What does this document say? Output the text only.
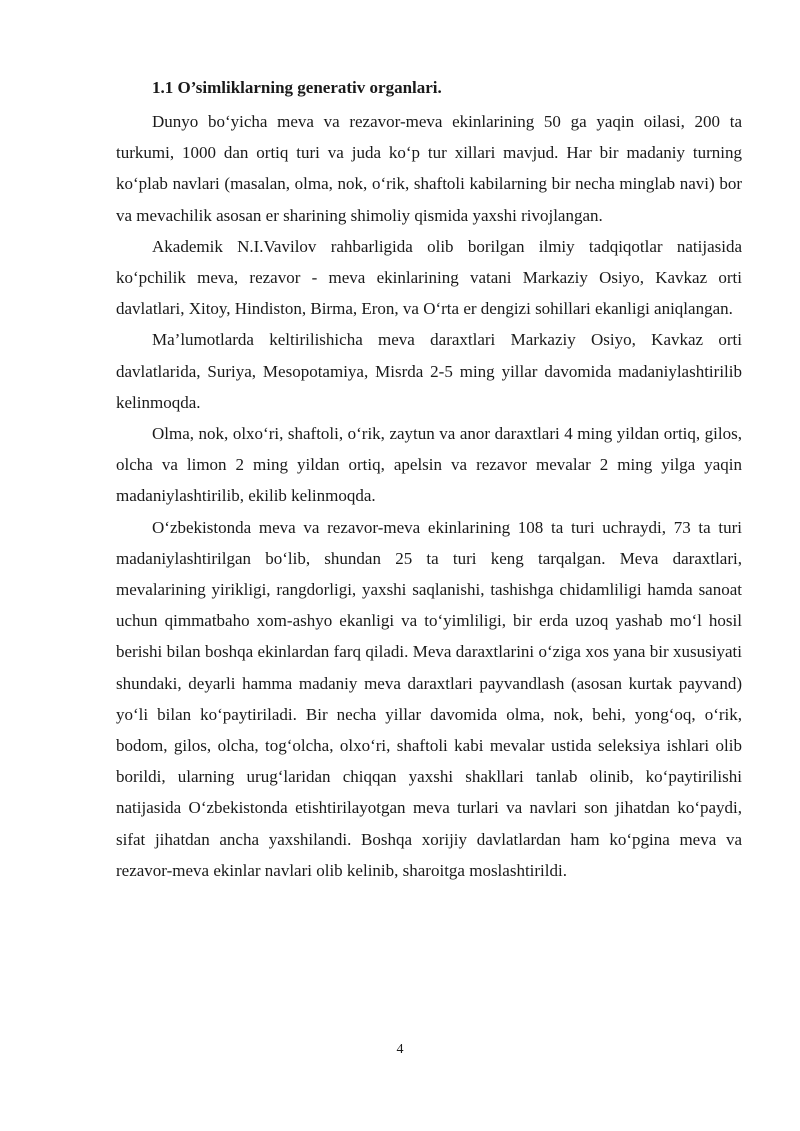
1.1 O’simliklarning generativ organlari.

Dunyo bo‘yicha meva va rezavor-meva ekinlarining 50 ga yaqin oilasi, 200 ta turkumi, 1000 dan ortiq turi va juda ko‘p tur xillari mavjud. Har bir madaniy turning ko‘plab navlari (masalan, olma, nok, o‘rik, shaftoli kabilarning bir necha minglab navi) bor va mevachilik asosan er sharining shimoliy qismida yaxshi rivojlangan.

Akademik N.I.Vavilov rahbarligida olib borilgan ilmiy tadqiqotlar natijasida ko‘pchilik meva, rezavor - meva ekinlarining vatani Markaziy Osiyo, Kavkaz orti davlatlari, Xitoy, Hindiston, Birma, Eron, va O‘rta er dengizi sohillari ekanligi aniqlangan.

Ma’lumotlarda keltirilishicha meva daraxtlari Markaziy Osiyo, Kavkaz orti davlatlarida, Suriya, Mesopotamiya, Misrda 2-5 ming yillar davomida madaniylashtirilib kelinmoqda.

Olma, nok, olxo‘ri, shaftoli, o‘rik, zaytun va anor daraxtlari 4 ming yildan ortiq, gilos, olcha va limon 2 ming yildan ortiq, apelsin va rezavor mevalar 2 ming yilga yaqin madaniylashtirilib, ekilib kelinmoqda.

O‘zbekistonda meva va rezavor-meva ekinlarining 108 ta turi uchraydi, 73 ta turi madaniylashtirilgan bo‘lib, shundan 25 ta turi keng tarqalgan. Meva daraxtlari, mevalarining yirikligi, rangdorligi, yaxshi saqlanishi, tashishga chidamliligi hamda sanoat uchun qimmatbaho xom-ashyo ekanligi va to‘yimliligi, bir erda uzoq yashab mo‘l hosil berishi bilan boshqa ekinlardan farq qiladi. Meva daraxtlarini o‘ziga xos yana bir xususiyati shundaki, deyarli hamma madaniy meva daraxtlari payvandlash (asosan kurtak payvand) yo‘li bilan ko‘paytiriladi. Bir necha yillar davomida olma, nok, behi, yong‘oq, o‘rik, bodom, gilos, olcha, tog‘olcha, olxo‘ri, shaftoli kabi mevalar ustida seleksiya ishlari olib borildi, ularning urug‘laridan chiqqan yaxshi shakllari tanlab olinib, ko‘paytirilishi natijasida O‘zbekistonda etishtirilayotgan meva turlari va navlari son jihatdan ko‘paydi, sifat jihatdan ancha yaxshilandi. Boshqa xorijiy davlatlardan ham ko‘pgina meva va rezavor-meva ekinlar navlari olib kelinib, sharoitga moslashtirildi.

4
